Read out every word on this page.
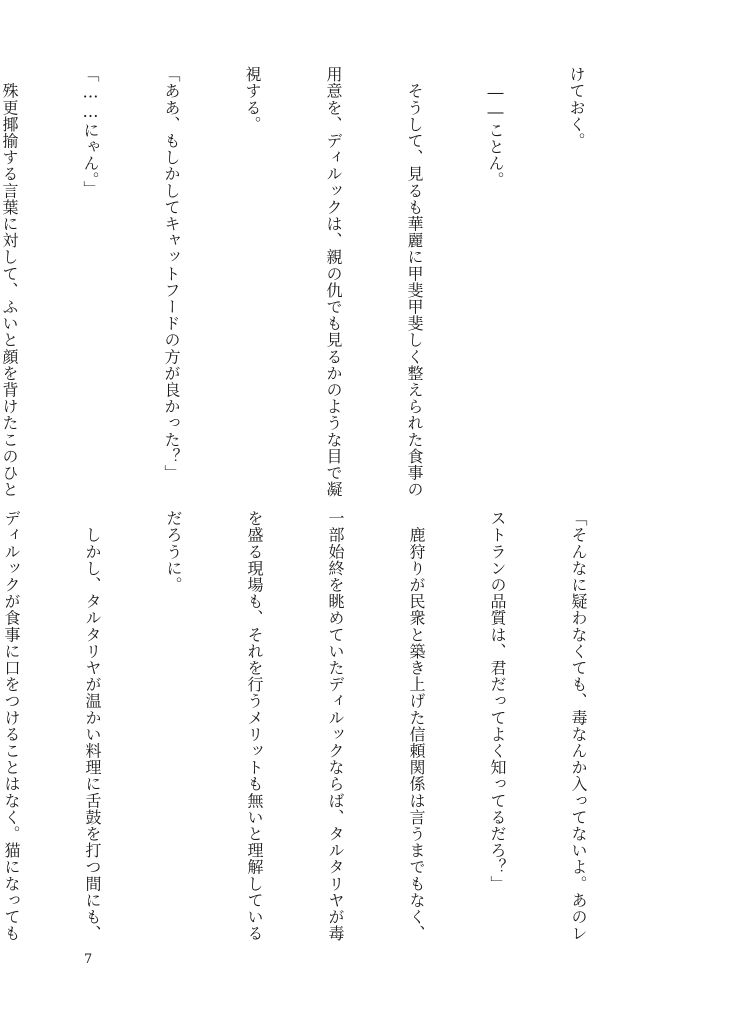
けておく。

　――ことん。

　そうして、見るも華麗に甲斐甲斐しく整えられた食事の

用意を、ディルックは、親の仇でも見るかのような目で凝

視する。

「ああ、もしかしてキャットフードの方が良かった？」

「……にゃん。」

　殊更揶揄する言葉に対して、ふいと顔を背けたこのひと

「そんなに疑わなくても、毒なんか入ってないよ。あのレ

ストランの品質は、君だってよく知ってるだろ？」

　鹿狩りが民衆と築き上げた信頼関係は言うまでもなく、

一部始終を眺めていたディルックならば、タルタリヤが毒

を盛る現場も、それを行うメリットも無いと理解している

だろうに。

　しかし、タルタリヤが温かい料理に舌鼓を打つ間にも、

ディルックが食事に口をつけることはなく。猫になっても

7
